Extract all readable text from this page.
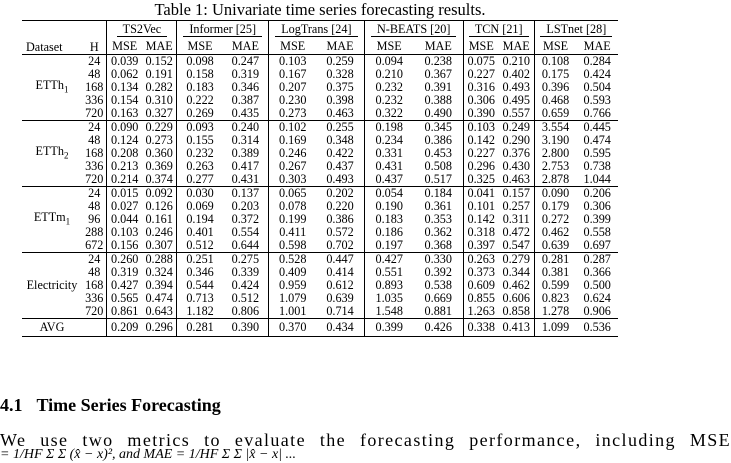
Table 1: Univariate time series forecasting results.
Dataset	H	TS2Vec		Informer [25]		LogTrans [24]		N-BEATS [20]		TCN [21]		LSTnet [28]	
		MSE	MAE	MSE	MAE	MSE	MAE	MSE	MAE	MSE	MAE	MSE	MAE
ETTh$_1$	24	0.039	0.152	0.098	0.247	0.103	0.259	0.094	0.238	0.075	0.210	0.108	0.284
	48	0.062	0.191	0.158	0.319	0.167	0.328	0.210	0.367	0.227	0.402	0.175	0.424
	168	0.134	0.282	0.183	0.346	0.207	0.375	0.232	0.391	0.316	0.493	0.396	0.504
	336	0.154	0.310	0.222	0.387	0.230	0.398	0.232	0.388	0.306	0.495	0.468	0.593
	720	0.163	0.327	0.269	0.435	0.273	0.463	0.322	0.490	0.390	0.557	0.659	0.766
ETTh$_2$	24	0.090	0.229	0.093	0.240	0.102	0.255	0.198	0.345	0.103	0.249	3.554	0.445
	48	0.124	0.273	0.155	0.314	0.169	0.348	0.234	0.386	0.142	0.290	3.190	0.474
	168	0.208	0.360	0.232	0.389	0.246	0.422	0.331	0.453	0.227	0.376	2.800	0.595
	336	0.213	0.369	0.263	0.417	0.267	0.437	0.431	0.508	0.296	0.430	2.753	0.738
	720	0.214	0.374	0.277	0.431	0.303	0.493	0.437	0.517	0.325	0.463	2.878	1.044
ETTm$_1$	24	0.015	0.092	0.030	0.137	0.065	0.202	0.054	0.184	0.041	0.157	0.090	0.206
	48	0.027	0.126	0.069	0.203	0.078	0.220	0.190	0.361	0.101	0.257	0.179	0.306
	96	0.044	0.161	0.194	0.372	0.199	0.386	0.183	0.353	0.142	0.311	0.272	0.399
	288	0.103	0.246	0.401	0.554	0.411	0.572	0.186	0.362	0.318	0.472	0.462	0.558
	672	0.156	0.307	0.512	0.644	0.598	0.702	0.197	0.368	0.397	0.547	0.639	0.697
Electricity	24	0.260	0.288	0.251	0.275	0.528	0.447	0.427	0.330	0.263	0.279	0.281	0.287
	48	0.319	0.324	0.346	0.339	0.409	0.414	0.551	0.392	0.373	0.344	0.381	0.366
	168	0.427	0.394	0.544	0.424	0.959	0.612	0.893	0.538	0.609	0.462	0.599	0.500
	336	0.565	0.474	0.713	0.512	1.079	0.639	1.035	0.669	0.855	0.606	0.823	0.624
	720	0.861	0.643	1.182	0.806	1.001	0.714	1.548	0.881	1.263	0.858	1.278	0.906
AVG		0.209	0.296	0.281	0.390	0.370	0.434	0.399	0.426	0.338	0.413	1.099	0.536
4.1 Time Series Forecasting
We use two metrics to evaluate the forecasting performance, including MSE
= 1/HF Σ Σ (x̂ − x)², and MAE = 1/HF Σ Σ |x̂ − x| ...
